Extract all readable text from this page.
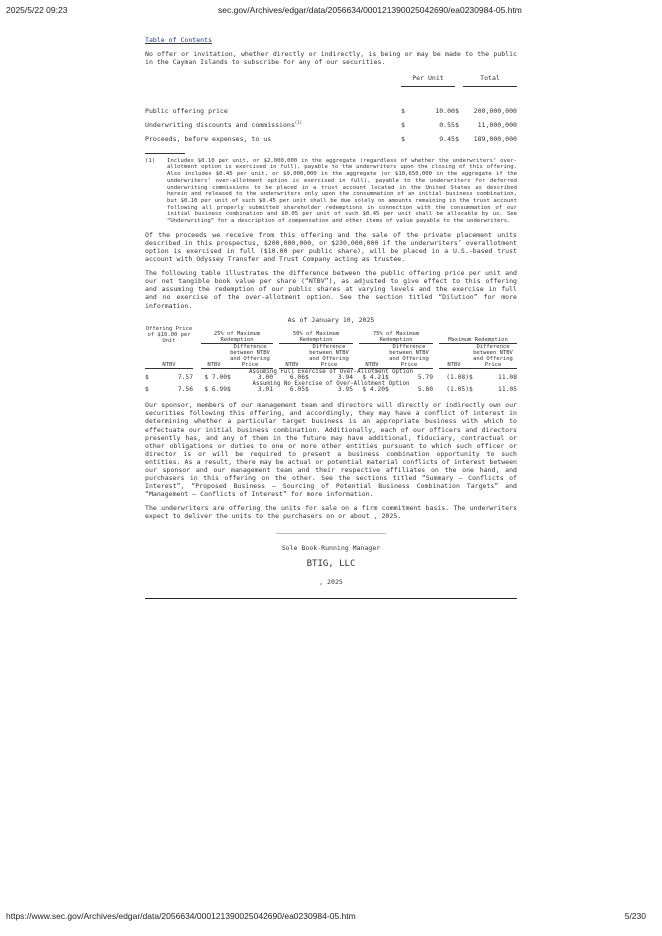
2025/5/22 09:23	sec.gov/Archives/edgar/data/2056634/000121390025042690/ea0230984-05.htm
Table of Contents

No offer or invitation, whether directly or indirectly, is being or may be made to the public in the Cayman Islands to subscribe for any of our securities.

	Per Unit			Total

Public offering price	$	10.00	$	200,000,000
Underwriting discounts and commissions$^{(1)}$	$	0.55	$	11,000,000
Proceeds, before expenses, to us	$	9.45	$	189,000,000
(1)	Includes $0.10 per unit, or $2,000,000 in the aggregate (regardless of whether the underwriters’ over-allotment option is exercised in full), payable to the underwriters upon the closing of this offering. Also includes $0.45 per unit, or $9,000,000 in the aggregate (or $10,650,000 in the aggregate if the underwriters’ over-allotment option is exercised in full), payable to the underwriters for deferred underwriting commissions to be placed in a trust account located in the United States as described herein and released to the underwriters only upon the consummation of an initial business combination, but $0.10 per unit of such $0.45 per unit shall be due solely on amounts remaining in the trust account following all properly submitted shareholder redemptions in connection with the consummation of our initial business combination and $0.05 per unit of such $0.45 per unit shall be allocable by us. See “Underwriting” for a description of compensation and other items of value payable to the underwriters.

Of the proceeds we receive from this offering and the sale of the private placement units described in this prospectus, $200,000,000, or $230,000,000 if the underwriters’ overallotment option is exercised in full ($10.00 per public share), will be placed in a U.S.-based trust account with Odyssey Transfer and Trust Company acting as trustee.

The following table illustrates the difference between the public offering price per unit and our net tangible book value per share (“NTBV”), as adjusted to give effect to this offering and assuming the redemption of our public shares at varying levels and the exercise in full and no exercise of the over-allotment option. See the section titled “Dilution” for more information.

As of January 10, 2025
Offering Price of $10.00 per Unit		25% of Maximum Redemption			50% of Maximum Redemption			75% of Maximum Redemption			Maximum Redemption	
NTBV		NTBV	Difference between NTBV and Offering Price		NTBV	Difference between NTBV and Offering Price		NTBV	Difference between NTBV and Offering Price		NTBV	Difference between NTBV and Offering Price
Assuming Full Exercise of Over-Allotment Option												

$ 7.57		$ 7.00	$ 3.00		6.06	$ 3.94		$ 4.21	$ 5.79		(1.08)	$ 11.08

Assuming No Exercise of Over-Allotment Option												

$ 7.56		$ 6.99	$ 3.01		6.05	$ 3.95		$ 4.20	$ 5.80		(1.05)	$ 11.05

Our sponsor, members of our management team and directors will directly or indirectly own our securities following this offering, and accordingly, they may have a conflict of interest in determining whether a particular target business is an appropriate business with which to effectuate our initial business combination. Additionally, each of our officers and directors presently has, and any of them in the future may have additional, fiduciary, contractual or other obligations or duties to one or more other entities pursuant to which such officer or director is or will be required to present a business combination opportunity to such entities. As a result, there may be actual or potential material conflicts of interest between our sponsor and our management team and their respective affiliates on the one hand, and purchasers in this offering on the other. See the sections titled “Summary — Conflicts of Interest”, “Proposed Business — Sourcing of Potential Business Combination Targets” and “Management — Conflicts of Interest” for more information.

The underwriters are offering the units for sale on a firm commitment basis. The underwriters expect to deliver the units to the purchasers on or about , 2025.

Sole Book-Running Manager
BTIG, LLC
, 2025
https://www.sec.gov/Archives/edgar/data/2056634/000121390025042690/ea0230984-05.htm	5/230
